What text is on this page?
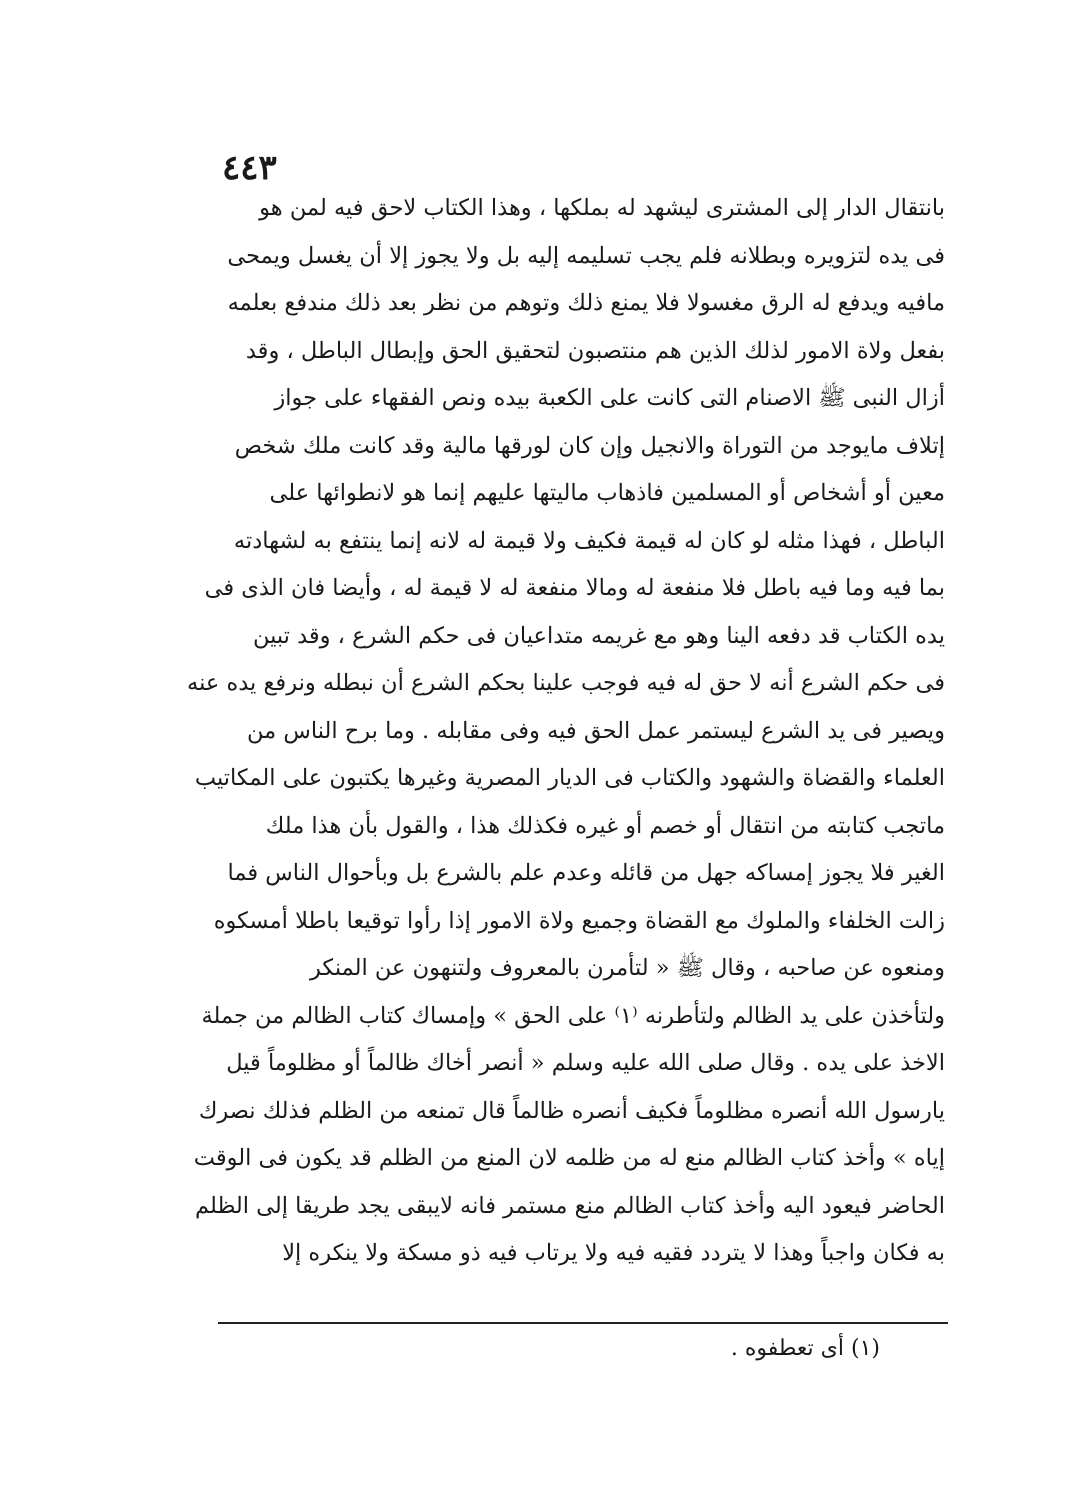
٤٤٣
بانتقال الدار إلى المشترى ليشهد له بملكها ، وهذا الكتاب لاحق فيه لمن هو
فى يده لتزويره وبطلانه فلم يجب تسليمه إليه بل ولا يجوز إلا أن يغسل ويمحى
مافيه ويدفع له الرق مغسولا فلا يمنع ذلك وتوهم من نظر بعد ذلك مندفع بعلمه
بفعل ولاة الامور لذلك الذين هم منتصبون لتحقيق الحق وإبطال الباطل ، وقد
أزال النبى ﷺ الاصنام التى كانت على الكعبة بيده ونص الفقهاء على جواز
إتلاف مايوجد من التوراة والانجيل وإن كان لورقها مالية وقد كانت ملك شخص
معين أو أشخاص أو المسلمين فاذهاب ماليتها عليهم إنما هو لانطوائها على
الباطل ، فهذا مثله لو كان له قيمة فكيف ولا قيمة له لانه إنما ينتفع به لشهادته
بما فيه وما فيه باطل فلا منفعة له ومالا منفعة له لا قيمة له ، وأيضا فان الذى فى
يده الكتاب قد دفعه الينا وهو مع غريمه متداعيان فى حكم الشرع ، وقد تبين
فى حكم الشرع أنه لا حق له فيه فوجب علينا بحكم الشرع أن نبطله ونرفع يده عنه
ويصير فى يد الشرع ليستمر عمل الحق فيه وفى مقابله . وما برح الناس من
العلماء والقضاة والشهود والكتاب فى الديار المصرية وغيرها يكتبون على المكاتيب
ماتجب كتابته من انتقال أو خصم أو غيره فكذلك هذا ، والقول بأن هذا ملك
الغير فلا يجوز إمساكه جهل من قائله وعدم علم بالشرع بل وبأحوال الناس فما
زالت الخلفاء والملوك مع القضاة وجميع ولاة الامور إذا رأوا توقيعا باطلا أمسكوه
ومنعوه عن صاحبه ، وقال ﷺ « لتأمرن بالمعروف ولتنهون عن المنكر
ولتأخذن على يد الظالم ولتأطرنه ⁽١⁾ على الحق » وإمساك كتاب الظالم من جملة
الاخذ على يده . وقال صلى الله عليه وسلم « أنصر أخاك ظالماً أو مظلوماً قيل
يارسول الله أنصره مظلوماً فكيف أنصره ظالماً قال تمنعه من الظلم فذلك نصرك
إياه » وأخذ كتاب الظالم منع له من ظلمه لان المنع من الظلم قد يكون فى الوقت
الحاضر فيعود اليه وأخذ كتاب الظالم منع مستمر فانه لايبقى يجد طريقا إلى الظلم
به فكان واجباً وهذا لا يتردد فقيه فيه ولا يرتاب فيه ذو مسكة ولا ينكره إلا
(١) أى تعطفوه .
